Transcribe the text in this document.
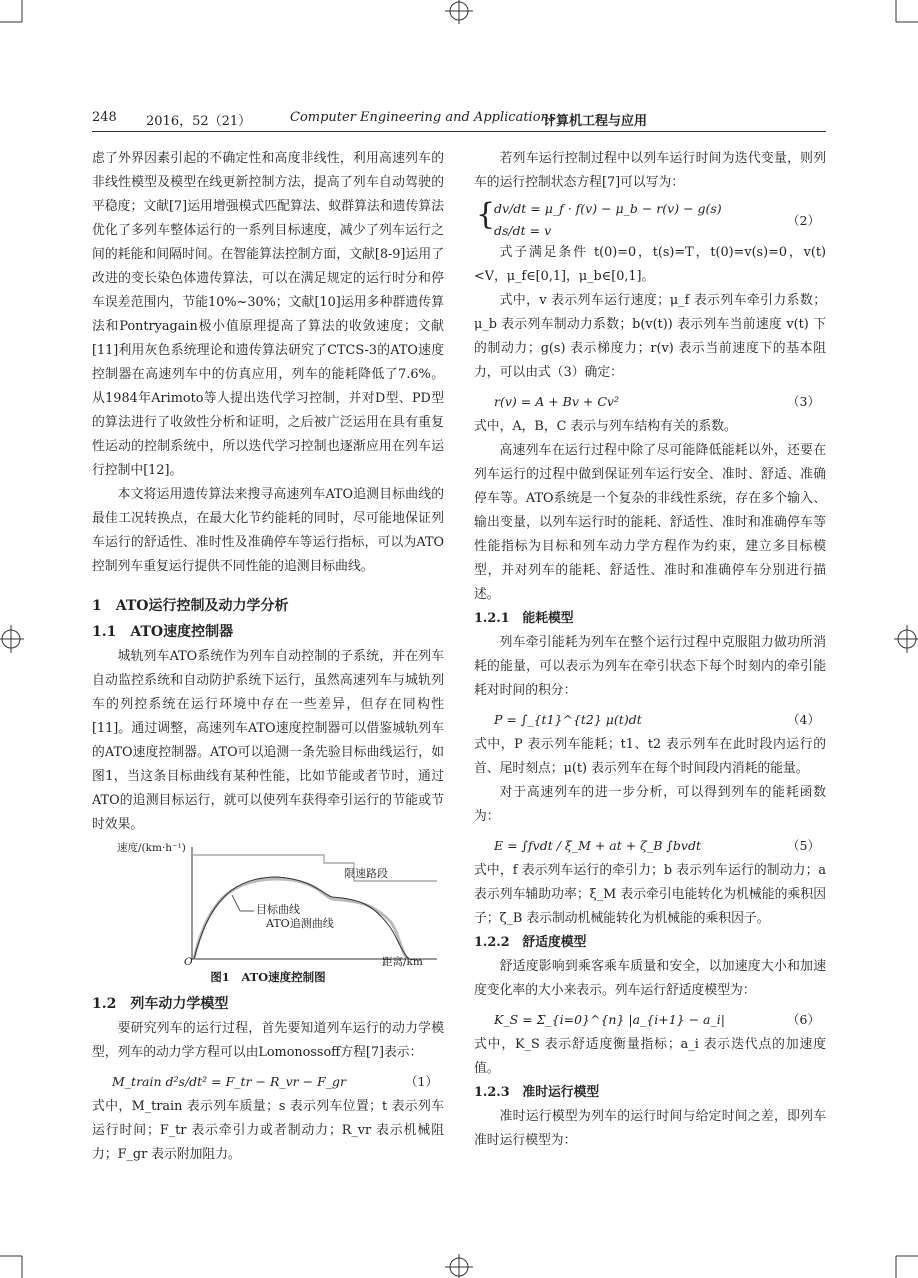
248 2016，52（21）	Computer Engineering and Applications
计算机工程与应用

虑了外界因素引起的不确定性和高度非线性，利用高速列车的非线性模型及模型在线更新控制方法，提高了列车自动驾驶的平稳度；文献[7]运用增强模式匹配算法、蚁群算法和遗传算法优化了多列车整体运行的一系列目标速度，减少了列车运行之间的耗能和间隔时间。在智能算法控制方面，文献[8-9]运用了改进的变长染色体遗传算法，可以在满足规定的运行时分和停车误差范围内，节能10%~30%；文献[10]运用多种群遗传算法和Pontryagain极小值原理提高了算法的收敛速度；文献[11]利用灰色系统理论和遗传算法研究了CTCS-3的ATO速度控制器在高速列车中的仿真应用，列车的能耗降低了7.6%。从1984年Arimoto等人提出迭代学习控制，并对D型、PD型的算法进行了收敛性分析和证明，之后被广泛运用在具有重复性运动的控制系统中，所以迭代学习控制也逐渐应用在列车运行控制中[12]。

本文将运用遗传算法来搜寻高速列车ATO追测目标曲线的最佳工况转换点，在最大化节约能耗的同时，尽可能地保证列车运行的舒适性、准时性及准确停车等运行指标，可以为ATO控制列车重复运行提供不同性能的追测目标曲线。

1　ATO运行控制及动力学分析
1.1　ATO速度控制器

城轨列车ATO系统作为列车自动控制的子系统，并在列车自动监控系统和自动防护系统下运行，虽然高速列车与城轨列车的列控系统在运行环境中存在一些差异，但存在同构性[11]。通过调整，高速列车ATO速度控制器可以借鉴城轨列车的ATO速度控制器。ATO可以追测一条先验目标曲线运行，如图1，当这条目标曲线有某种性能，比如节能或者节时，通过ATO的追测目标运行，就可以使列车获得牵引运行的节能或节时效果。

速度/(km·h⁻¹)
O	距离/km
限速路段
目标曲线
ATO追测曲线
图1　ATO速度控制图
1.2　列车动力学模型

要研究列车的运行过程，首先要知道列车运行的动力学模型，列车的动力学方程可以由Lomonossoff方程[7]表示：

M_train d²s/dt² = F_tr − R_vr − F_gr	（1）

式中，M_train 表示列车质量；s 表示列车位置；t 表示列车运行时间；F_tr 表示牵引力或者制动力；R_vr 表示机械阻力；F_gr 表示附加阻力。

若列车运行控制过程中以列车运行时间为迭代变量，则列车的运行控制状态方程[7]可以写为：

{
dv/dt = μ_f · f(v) − μ_b − r(v) − g(s)
ds/dt = v
（2）

式子满足条件 t(0)=0，t(s)=T，t(0)=v(s)=0，v(t)<V，μ_f∈[0,1]，μ_b∈[0,1]。

式中，v 表示列车运行速度；μ_f 表示列车牵引力系数；μ_b 表示列车制动力系数；b(v(t)) 表示列车当前速度 v(t) 下的制动力；g(s) 表示梯度力；r(v) 表示当前速度下的基本阻力，可以由式（3）确定：

r(v) = A + Bv + Cv²	（3）

式中，A，B，C 表示与列车结构有关的系数。

高速列车在运行过程中除了尽可能降低能耗以外，还要在列车运行的过程中做到保证列车运行安全、准时、舒适、准确停车等。ATO系统是一个复杂的非线性系统，存在多个输入、输出变量，以列车运行时的能耗、舒适性、准时和准确停车等性能指标为目标和列车动力学方程作为约束，建立多目标模型，并对列车的能耗、舒适性、准时和准确停车分别进行描述。

1.2.1　能耗模型

列车牵引能耗为列车在整个运行过程中克服阻力做功所消耗的能量，可以表示为列车在牵引状态下每个时刻内的牵引能耗对时间的积分：

P = ∫_{t1}^{t2} μ(t)dt	（4）

式中，P 表示列车能耗；t1、t2 表示列车在此时段内运行的首、尾时刻点；μ(t) 表示列车在每个时间段内消耗的能量。

对于高速列车的进一步分析，可以得到列车的能耗函数为：

E = ∫fvdt / ξ_M + at + ζ_B ∫bvdt	（5）

式中，f 表示列车运行的牵引力；b 表示列车运行的制动力；a 表示列车辅助功率；ξ_M 表示牵引电能转化为机械能的乘积因子；ζ_B 表示制动机械能转化为机械能的乘积因子。

1.2.2　舒适度模型

舒适度影响到乘客乘车质量和安全，以加速度大小和加速度变化率的大小来表示。列车运行舒适度模型为：

K_S = Σ_{i=0}^{n} |a_{i+1} − a_i|	（6）

式中，K_S 表示舒适度衡量指标；a_i 表示迭代点的加速度值。

1.2.3　准时运行模型

准时运行模型为列车的运行时间与给定时间之差，即列车准时运行模型为：
